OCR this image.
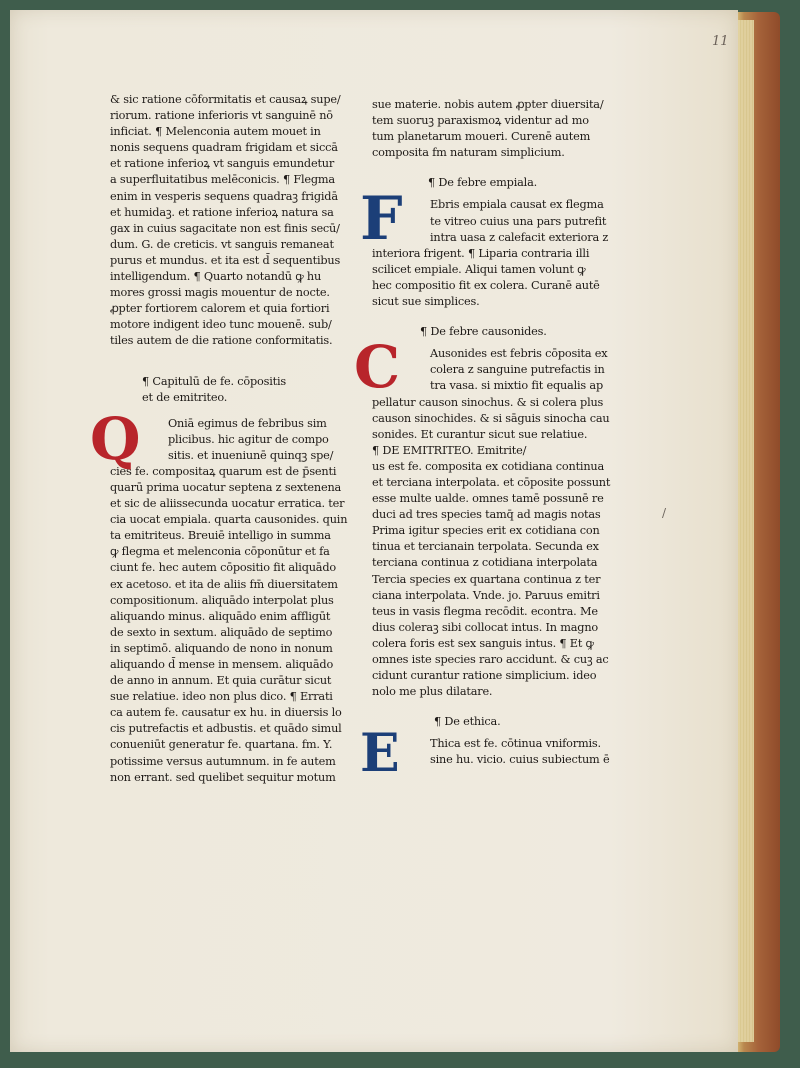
11
/
& sic ratione cōformitatis et causaꝝ supe/
riorum. ratione inferioris vt sanguinē nō
inficiat. ¶ Melenconia autem mouet in
nonis sequens quadram frigidam et siccā
et ratione inferioꝝ vt sanguis emundetur
a superfluitatibus melēconicis. ¶ Flegma
enim in vesperis sequens quadraꝫ frigidā
et humidaꝫ. et ratione inferioꝝ natura sa
gax in cuius sagacitate non est finis secū/
dum. G. de creticis. vt sanguis remaneat
purus et mundus. et ita est d̄ sequentibus
intelligendum. ¶ Quarto notandū ꝙ hu
mores grossi magis mouentur de nocte.
ꝓpter fortiorem calorem et quia fortiori
motore indigent ideo tunc mouenē. sub/
tiles autem de die ratione conformitatis.
¶ Capitulū de fe. cōpositis
et de emitriteo.
Q	Oniā egimus de febribus sim
plicibus. hic agitur de compo
sitis. et inueniunē quinqꝫ spe/
cies fe. compositaꝝ quarum est de p̄senti
quarū prima uocatur septena z sextenena
et sic de aliissecunda uocatur erratica. ter
cia uocat empiala. quarta causonides. quin
ta emitriteus. Breuiē intelligo in summa
ꝙ flegma et melenconia cōponūtur et fa
ciunt fe. hec autem cōpositio fit aliquādo
ex acetoso. et ita de aliis fm̄ diuersitatem
compositionum. aliquādo interpolat plus
aliquando minus. aliquādo enim affligūt
de sexto in sextum. aliquādo de septimo
in septimō. aliquando de nono in nonum
aliquando d̄ mense in mensem. aliquādo
de anno in annum. Et quia curātur sicut
sue relatiue. ideo non plus dico. ¶ Errati
ca autem fe. causatur ex hu. in diuersis lo
cis putrefactis et adbustis. et quādo simul
conueniūt generatur fe. quartana. fm. Y.
potissime versus autumnum. in fe autem
non errant. sed quelibet sequitur motum
sue materie. nobis autem ꝓpter diuersita/
tem suoruꝫ paraxismoꝝ videntur ad mo
tum planetarum moueri. Curenē autem
composita fm naturam simplicium.
¶ De febre empiala.
F	Ebris empiala causat ex flegma
te vitreo cuius una pars putrefit
intra uasa z calefacit exteriora z
interiora frigent. ¶ Liparia contraria illi
scilicet empiale. Aliqui tamen volunt ꝙ
hec compositio fit ex colera. Curanē autē
sicut sue simplices.
¶ De febre causonides.
C	Ausonides est febris cōposita ex
colera z sanguine putrefactis in
tra vasa. si mixtio fit equalis ap
pellatur causon sinochus. & si colera plus
causon sinochides. & si sāguis sinocha cau
sonides. Et curantur sicut sue relatiue.
¶ DE EMITRITEO. Emitrite/
us est fe. composita ex cotidiana continua
et terciana interpolata. et cōposite possunt
esse multe ualde. omnes tamē possunē re
duci ad tres species tamq̄ ad magis notas
Prima igitur species erit ex cotidiana con
tinua et tercianain terpolata. Secunda ex
terciana continua z cotidiana interpolata
Tercia species ex quartana continua z ter
ciana interpolata. Vnde. jo. Paruus emitri
teus in vasis flegma recōdit. econtra. Me
dius coleraꝫ sibi collocat intus. In magno
colera foris est sex sanguis intus. ¶ Et ꝙ
omnes iste species raro accidunt. & cuꝫ ac
cidunt curantur ratione simplicium. ideo
nolo me plus dilatare.
¶ De ethica.
E	Thica est fe. cōtinua vniformis.
sine hu. vicio. cuius subiectum ē
